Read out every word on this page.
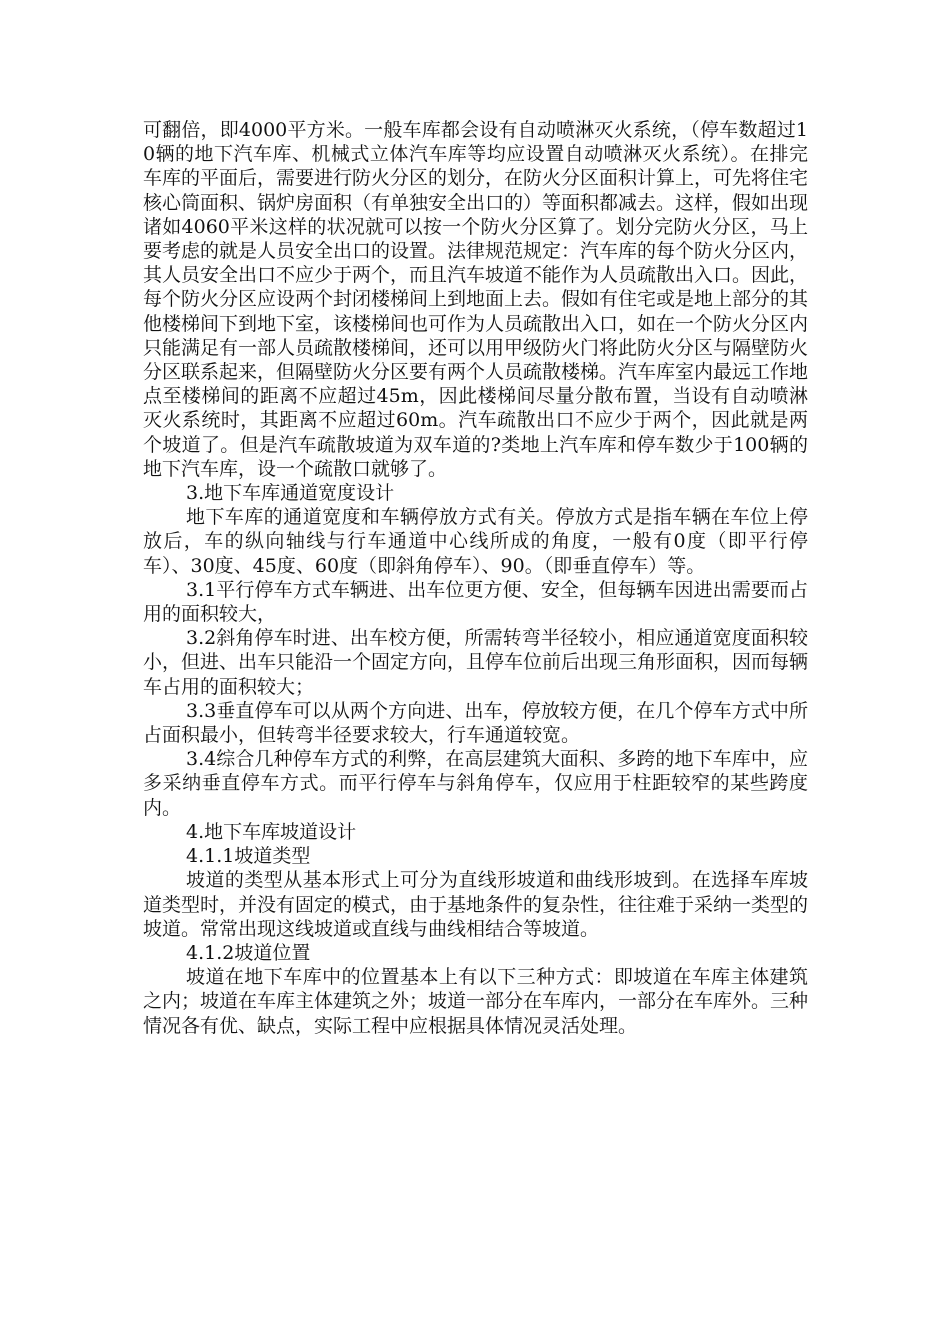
可翻倍，即4000平方米。一般车库都会设有自动喷淋灭火系统，（停车数超过10辆的地下汽车库、机械式立体汽车库等均应设置自动喷淋灭火系统）。在排完车库的平面后，需要进行防火分区的划分，在防火分区面积计算上，可先将住宅核心筒面积、锅炉房面积（有单独安全出口的）等面积都减去。这样，假如出现诸如4060平米这样的状况就可以按一个防火分区算了。划分完防火分区，马上要考虑的就是人员安全出口的设置。法律规范规定：汽车库的每个防火分区内，其人员安全出口不应少于两个，而且汽车坡道不能作为人员疏散出入口。因此，每个防火分区应设两个封闭楼梯间上到地面上去。假如有住宅或是地上部分的其他楼梯间下到地下室，该楼梯间也可作为人员疏散出入口，如在一个防火分区内只能满足有一部人员疏散楼梯间，还可以用甲级防火门将此防火分区与隔壁防火分区联系起来，但隔壁防火分区要有两个人员疏散楼梯。汽车库室内最远工作地点至楼梯间的距离不应超过45m，因此楼梯间尽量分散布置，当设有自动喷淋灭火系统时，其距离不应超过60m。汽车疏散出口不应少于两个，因此就是两个坡道了。但是汽车疏散坡道为双车道的?类地上汽车库和停车数少于100辆的地下汽车库，设一个疏散口就够了。

3.地下车库通道宽度设计

地下车库的通道宽度和车辆停放方式有关。停放方式是指车辆在车位上停放后，车的纵向轴线与行车通道中心线所成的角度，一般有0度（即平行停车）、30度、45度、60度（即斜角停车）、90。（即垂直停车）等。

3.1平行停车方式车辆进、出车位更方便、安全，但每辆车因进出需要而占用的面积较大，

3.2斜角停车时进、出车校方便，所需转弯半径较小，相应通道宽度面积较小，但进、出车只能沿一个固定方向，且停车位前后出现三角形面积，因而每辆车占用的面积较大；

3.3垂直停车可以从两个方向进、出车，停放较方便，在几个停车方式中所占面积最小，但转弯半径要求较大，行车通道较宽。

3.4综合几种停车方式的利弊，在高层建筑大面积、多跨的地下车库中，应多采纳垂直停车方式。而平行停车与斜角停车，仅应用于柱距较窄的某些跨度内。

4.地下车库坡道设计

4.1.1坡道类型

坡道的类型从基本形式上可分为直线形坡道和曲线形坡到。在选择车库坡道类型时，并没有固定的模式，由于基地条件的复杂性，往往难于采纳一类型的坡道。常常出现这线坡道或直线与曲线相结合等坡道。

4.1.2坡道位置

坡道在地下车库中的位置基本上有以下三种方式：即坡道在车库主体建筑之内；坡道在车库主体建筑之外；坡道一部分在车库内，一部分在车库外。三种情况各有优、缺点，实际工程中应根据具体情况灵活处理。
